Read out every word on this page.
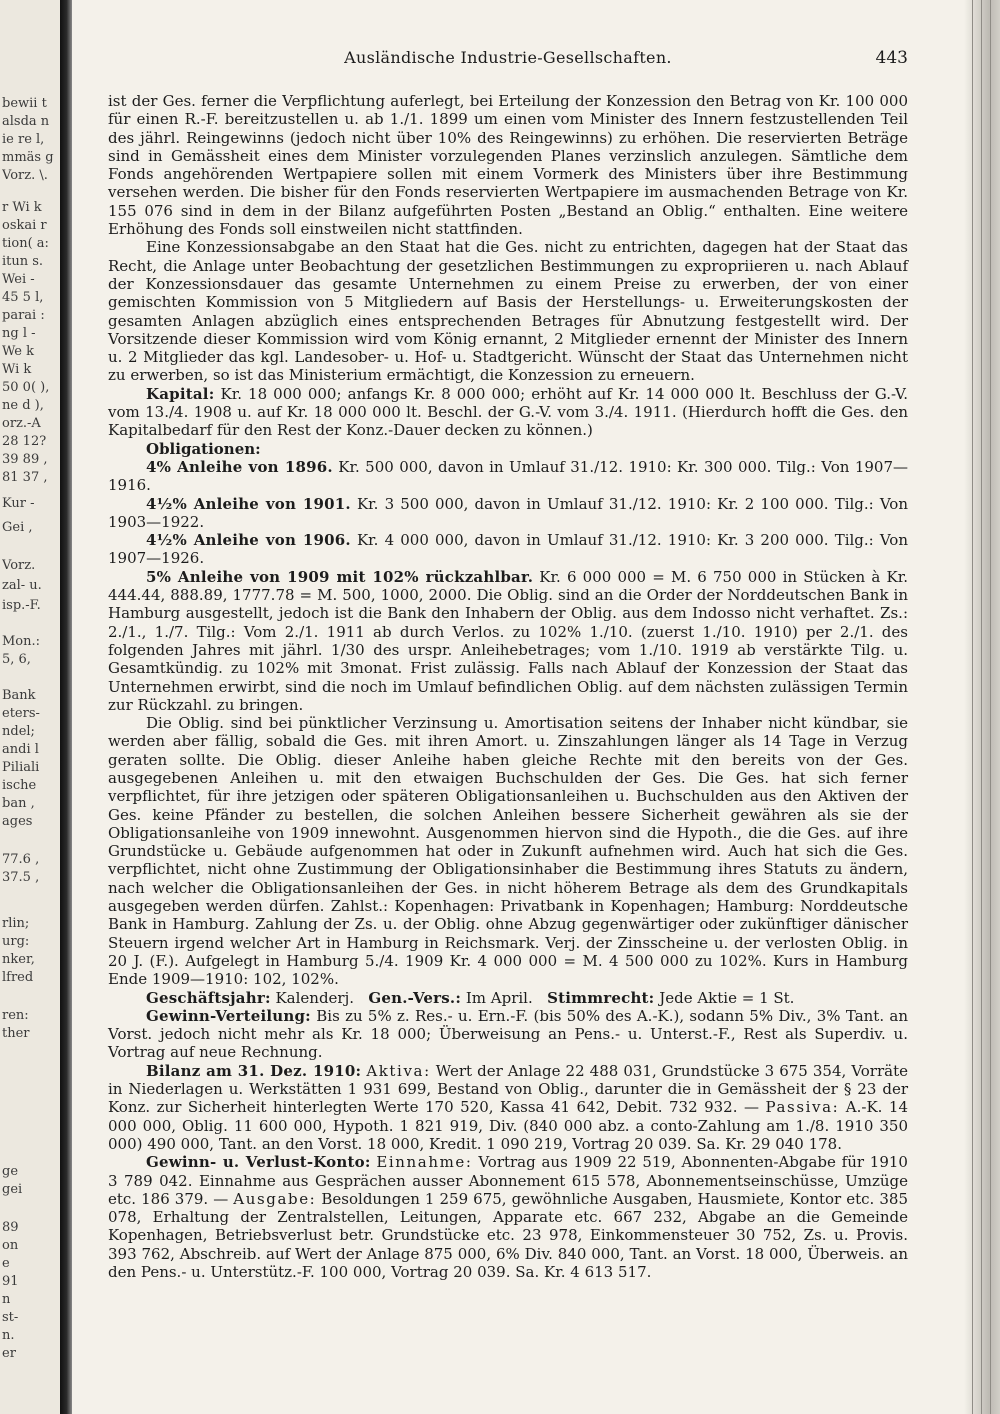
bewii t
alsda n
ie re l,
mmäs g
Vorz. \.
r Wi k
oskai r
tion( a:
itun s.
Wei -
45 5 l,
parai :
ng l -
We k
Wi k
50 0( ),
ne d ),
orz.-A
28 12?
39 89 ,
81 37 ,
Kur -
Gei ,
Vorz.
zal- u.
isp.-F.
Mon.:
5, 6,
Bank
eters-
ndel;
andi l
Piliali
ische
ban ,
ages
77.6 ,
37.5 ,
rlin;
urg:
nker,
lfred
ren:
ther
ge
gei
89
on
e
91
n
st-
n.
er
Ausländische Industrie-Gesellschaften.	443

ist der Ges. ferner die Verpflichtung auferlegt, bei Erteilung der Konzession den Betrag von Kr. 100 000 für einen R.-F. bereitzustellen u. ab 1./1. 1899 um einen vom Minister des Innern festzustellenden Teil des jährl. Reingewinns (jedoch nicht über 10% des Reingewinns) zu erhöhen. Die reservierten Beträge sind in Gemässheit eines dem Minister vorzulegenden Planes verzinslich anzulegen. Sämtliche dem Fonds angehörenden Wertpapiere sollen mit einem Vormerk des Ministers über ihre Bestimmung versehen werden. Die bisher für den Fonds reservierten Wertpapiere im ausmachenden Betrage von Kr. 155 076 sind in dem in der Bilanz aufgeführten Posten „Bestand an Oblig.“ enthalten. Eine weitere Erhöhung des Fonds soll einstweilen nicht stattfinden.

Eine Konzessionsabgabe an den Staat hat die Ges. nicht zu entrichten, dagegen hat der Staat das Recht, die Anlage unter Beobachtung der gesetzlichen Bestimmungen zu expropriieren u. nach Ablauf der Konzessionsdauer das gesamte Unternehmen zu einem Preise zu erwerben, der von einer gemischten Kommission von 5 Mitgliedern auf Basis der Herstellungs- u. Erweiterungskosten der gesamten Anlagen abzüglich eines entsprechenden Betrages für Abnutzung festgestellt wird. Der Vorsitzende dieser Kommission wird vom König ernannt, 2 Mitglieder ernennt der Minister des Innern u. 2 Mitglieder das kgl. Landesober- u. Hof- u. Stadtgericht. Wünscht der Staat das Unternehmen nicht zu erwerben, so ist das Ministerium ermächtigt, die Konzession zu erneuern.

Kapital: Kr. 18 000 000; anfangs Kr. 8 000 000; erhöht auf Kr. 14 000 000 lt. Beschluss der G.-V. vom 13./4. 1908 u. auf Kr. 18 000 000 lt. Beschl. der G.-V. vom 3./4. 1911. (Hierdurch hofft die Ges. den Kapitalbedarf für den Rest der Konz.-Dauer decken zu können.)

Obligationen:

4% Anleihe von 1896. Kr. 500 000, davon in Umlauf 31./12. 1910: Kr. 300 000. Tilg.: Von 1907—1916.

4½% Anleihe von 1901. Kr. 3 500 000, davon in Umlauf 31./12. 1910: Kr. 2 100 000. Tilg.: Von 1903—1922.

4½% Anleihe von 1906. Kr. 4 000 000, davon in Umlauf 31./12. 1910: Kr. 3 200 000. Tilg.: Von 1907—1926.

5% Anleihe von 1909 mit 102% rückzahlbar. Kr. 6 000 000 = M. 6 750 000 in Stücken à Kr. 444.44, 888.89, 1777.78 = M. 500, 1000, 2000. Die Oblig. sind an die Order der Norddeutschen Bank in Hamburg ausgestellt, jedoch ist die Bank den Inhabern der Oblig. aus dem Indosso nicht verhaftet. Zs.: 2./1., 1./7. Tilg.: Vom 2./1. 1911 ab durch Verlos. zu 102% 1./10. (zuerst 1./10. 1910) per 2./1. des folgenden Jahres mit jährl. 1/30 des urspr. Anleihebetrages; vom 1./10. 1919 ab verstärkte Tilg. u. Gesamtkündig. zu 102% mit 3monat. Frist zulässig. Falls nach Ablauf der Konzession der Staat das Unternehmen erwirbt, sind die noch im Umlauf befindlichen Oblig. auf dem nächsten zulässigen Termin zur Rückzahl. zu bringen.

Die Oblig. sind bei pünktlicher Verzinsung u. Amortisation seitens der Inhaber nicht kündbar, sie werden aber fällig, sobald die Ges. mit ihren Amort. u. Zinszahlungen länger als 14 Tage in Verzug geraten sollte. Die Oblig. dieser Anleihe haben gleiche Rechte mit den bereits von der Ges. ausgegebenen Anleihen u. mit den etwaigen Buchschulden der Ges. Die Ges. hat sich ferner verpflichtet, für ihre jetzigen oder späteren Obligationsanleihen u. Buchschulden aus den Aktiven der Ges. keine Pfänder zu bestellen, die solchen Anleihen bessere Sicherheit gewähren als sie der Obligationsanleihe von 1909 innewohnt. Ausgenommen hiervon sind die Hypoth., die die Ges. auf ihre Grundstücke u. Gebäude aufgenommen hat oder in Zukunft aufnehmen wird. Auch hat sich die Ges. verpflichtet, nicht ohne Zustimmung der Obligationsinhaber die Bestimmung ihres Statuts zu ändern, nach welcher die Obligationsanleihen der Ges. in nicht höherem Betrage als dem des Grundkapitals ausgegeben werden dürfen. Zahlst.: Kopenhagen: Privatbank in Kopenhagen; Hamburg: Norddeutsche Bank in Hamburg. Zahlung der Zs. u. der Oblig. ohne Abzug gegenwärtiger oder zukünftiger dänischer Steuern irgend welcher Art in Hamburg in Reichsmark. Verj. der Zinsscheine u. der verlosten Oblig. in 20 J. (F.). Aufgelegt in Hamburg 5./4. 1909 Kr. 4 000 000 = M. 4 500 000 zu 102%. Kurs in Hamburg Ende 1909—1910: 102, 102%.

Geschäftsjahr: Kalenderj. Gen.-Vers.: Im April. Stimmrecht: Jede Aktie = 1 St.

Gewinn-Verteilung: Bis zu 5% z. Res.- u. Ern.-F. (bis 50% des A.-K.), sodann 5% Div., 3% Tant. an Vorst. jedoch nicht mehr als Kr. 18 000; Überweisung an Pens.- u. Unterst.-F., Rest als Superdiv. u. Vortrag auf neue Rechnung.

Bilanz am 31. Dez. 1910: Aktiva: Wert der Anlage 22 488 031, Grundstücke 3 675 354, Vorräte in Niederlagen u. Werkstätten 1 931 699, Bestand von Oblig., darunter die in Gemässheit der § 23 der Konz. zur Sicherheit hinterlegten Werte 170 520, Kassa 41 642, Debit. 732 932. — Passiva: A.-K. 14 000 000, Oblig. 11 600 000, Hypoth. 1 821 919, Div. (840 000 abz. a conto-Zahlung am 1./8. 1910 350 000) 490 000, Tant. an den Vorst. 18 000, Kredit. 1 090 219, Vortrag 20 039. Sa. Kr. 29 040 178.

Gewinn- u. Verlust-Konto: Einnahme: Vortrag aus 1909 22 519, Abonnenten-Abgabe für 1910 3 789 042. Einnahme aus Gesprächen ausser Abonnement 615 578, Abonnementseinschüsse, Umzüge etc. 186 379. — Ausgabe: Besoldungen 1 259 675, gewöhnliche Ausgaben, Hausmiete, Kontor etc. 385 078, Erhaltung der Zentralstellen, Leitungen, Apparate etc. 667 232, Abgabe an die Gemeinde Kopenhagen, Betriebsverlust betr. Grundstücke etc. 23 978, Einkommensteuer 30 752, Zs. u. Provis. 393 762, Abschreib. auf Wert der Anlage 875 000, 6% Div. 840 000, Tant. an Vorst. 18 000, Überweis. an den Pens.- u. Unterstütz.-F. 100 000, Vortrag 20 039. Sa. Kr. 4 613 517.
